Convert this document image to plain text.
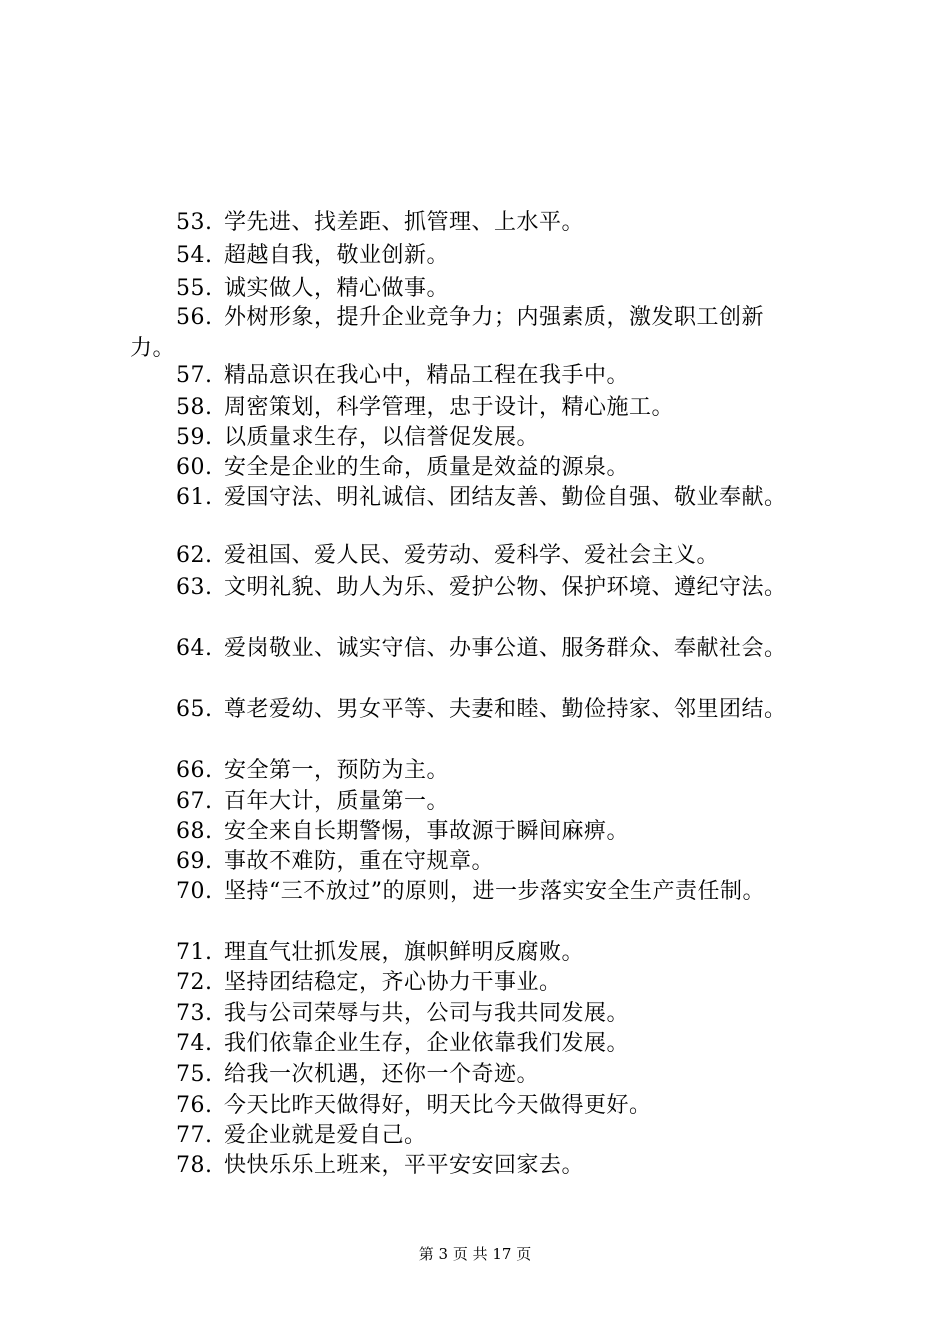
53. 学先进、找差距、抓管理、上水平。
54. 超越自我，敬业创新。
55. 诚实做人，精心做事。
56. 外树形象，提升企业竞争力；内强素质，激发职工创新
力。
57. 精品意识在我心中，精品工程在我手中。
58. 周密策划，科学管理，忠于设计，精心施工。
59. 以质量求生存，以信誉促发展。
60. 安全是企业的生命，质量是效益的源泉。
61. 爱国守法、明礼诚信、团结友善、勤俭自强、敬业奉献。
62. 爱祖国、爱人民、爱劳动、爱科学、爱社会主义。
63. 文明礼貌、助人为乐、爱护公物、保护环境、遵纪守法。
64. 爱岗敬业、诚实守信、办事公道、服务群众、奉献社会。
65. 尊老爱幼、男女平等、夫妻和睦、勤俭持家、邻里团结。
66. 安全第一，预防为主。
67. 百年大计，质量第一。
68. 安全来自长期警惕，事故源于瞬间麻痹。
69. 事故不难防，重在守规章。
70. 坚持“三不放过”的原则，进一步落实安全生产责任制。
71. 理直气壮抓发展，旗帜鲜明反腐败。
72. 坚持团结稳定，齐心协力干事业。
73. 我与公司荣辱与共，公司与我共同发展。
74. 我们依靠企业生存，企业依靠我们发展。
75. 给我一次机遇，还你一个奇迹。
76. 今天比昨天做得好，明天比今天做得更好。
77. 爱企业就是爱自己。
78. 快快乐乐上班来，平平安安回家去。
第 3 页 共 17 页
